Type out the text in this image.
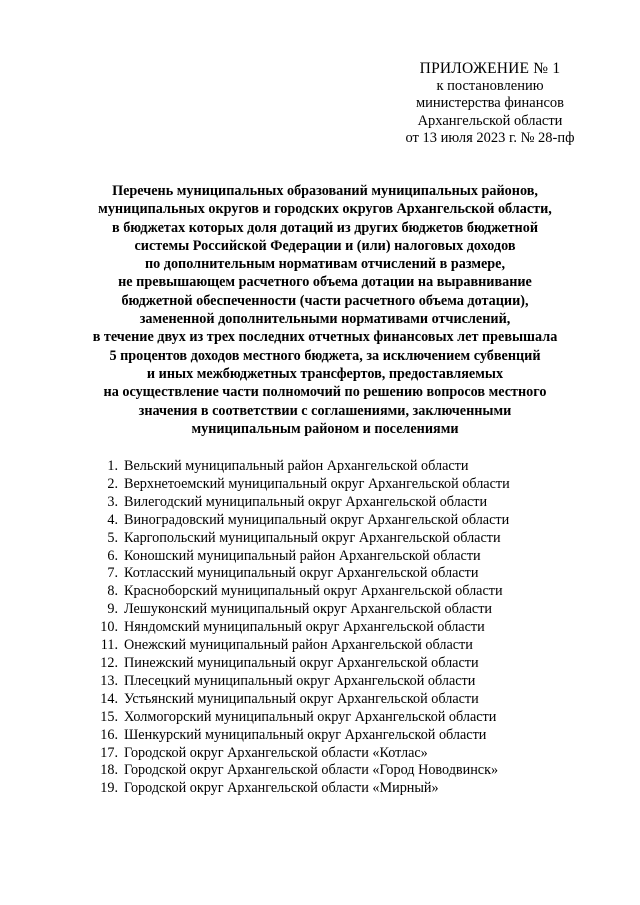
ПРИЛОЖЕНИЕ № 1
к постановлению
министерства финансов
Архангельской области
от 13 июля 2023 г. № 28-пф
Перечень муниципальных образований муниципальных районов,
муниципальных округов и городских округов Архангельской области,
в бюджетах которых доля дотаций из других бюджетов бюджетной
системы Российской Федерации и (или) налоговых доходов
по дополнительным нормативам отчислений в размере,
не превышающем расчетного объема дотации на выравнивание
бюджетной обеспеченности (части расчетного объема дотации),
замененной дополнительными нормативами отчислений,
в течение двух из трех последних отчетных финансовых лет превышала
5 процентов доходов местного бюджета, за исключением субвенций
и иных межбюджетных трансфертов, предоставляемых
на осуществление части полномочий по решению вопросов местного
значения в соответствии с соглашениями, заключенными
муниципальным районом и поселениями
1. Вельский муниципальный район Архангельской области
2. Верхнетоемский муниципальный округ Архангельской области
3. Вилегодский муниципальный округ Архангельской области
4. Виноградовский муниципальный округ Архангельской области
5. Каргопольский муниципальный округ Архангельской области
6. Коношский муниципальный район Архангельской области
7. Котласский муниципальный округ Архангельской области
8. Красноборский муниципальный округ Архангельской области
9. Лешуконский муниципальный округ Архангельской области
10. Няндомский муниципальный округ Архангельской области
11. Онежский муниципальный район Архангельской области
12. Пинежский муниципальный округ Архангельской области
13. Плесецкий муниципальный округ Архангельской области
14. Устьянский муниципальный округ Архангельской области
15. Холмогорский муниципальный округ Архангельской области
16. Шенкурский муниципальный округ Архангельской области
17. Городской округ Архангельской области «Котлас»
18. Городской округ Архангельской области «Город Новодвинск»
19. Городской округ Архангельской области «Мирный»
